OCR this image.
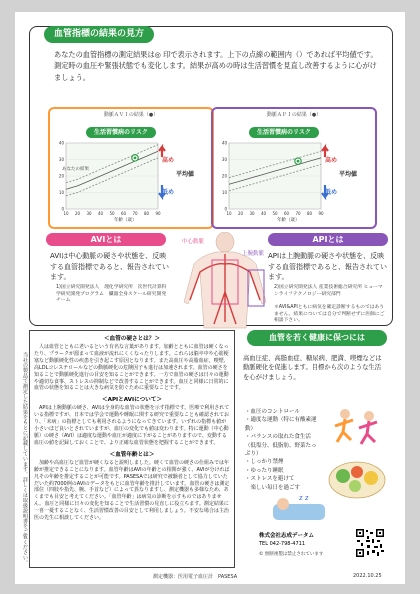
血管指標の結果の見方
あなたの血管指標の測定結果は◎ 印で表示されます。上下の点線の範囲内（）であれば平均値です。測定時の血圧や緊張状態でも変化します。結果が高めの時は生活習慣を見直し改善するように心がけましょう。
動脈ＡＶＩの結果（●）
生活習慣病のリスク
0
10
20
30
40
10 20 30 40 50 60 70 80 90
高め
平均値
低め
あなたの結果
年齢（歳）
動脈ＡＰＩの結果（●）
生活習慣病のリスク
0
10
20
30
40
10 20 30 40 50 60 70 80 90
高め
平均値
低め
年齢（歳）
AVIとは
AVIは中心動脈の硬さや状態を、反映する血管指標であると、報告されています。
1)国立研究開発法人　理化学研究所　次世代計算科学研究開発プログラム　臓器全身スケール研究開発チーム
中心動脈
上腕動脈
APIとは
APIは上腕動脈の硬さや状態を、反映する血管指標であると、報告されています。
2)国立研究開発法人 産業技術総合研究所 ヒューマンライフテクノロジー研究部門
＊AVI&APIともに病気を確定診断するものではありません。結果については自分で判断せずに医師にご相談下さい。
当社の製品で測定した結果をもとに記載しています。詳しくは取扱説明書をご覧ください。
＜血管の硬さとは？＞

人は血管とともに老いるという有名な言葉があります。加齢とともに血管は硬くなったり、プラークが溜まって血液が流れにくくなったりします。これらは脳卒中や心筋梗塞など動脈硬化性の疾患を引き起こす原因となります。また高血圧や高脂血症、喫煙、高LDLコレステロールなどの動脈硬化の危険因子も進行は加速されます。血管の硬さを知ることで動脈硬化進行の目安を知ることができます。一方で血管の硬さは日々の運動や適切な食事、ストレスの抑制などで改善することができます。血圧と同様に日常的に血管の状態を知ることは大きな病気を防ぐために重要なことです。

＜APIとAVIについて＞

APIは上腕動脈の硬さ、AVIは全身的な血管の状態を示す指標です。医療で利用されている指標ですが、日本では学会で運動や睡眠に関する研究で重要なことも確認されており、「未病」の指標としても利用されるようになってきています。いずれの指標も値が小さいほど良いとされていますが、血圧の変化でも値は変わります。特に運動（中心動脈）の硬さ（AVI）は適度な運動や血圧が適度に下がることがありますので、変動する血圧の値を記録しておくことで、より正確な血管状態を把握することができます。

＜血管年齢とは＞

加齢や高血圧など血管が硬くなると説明しました。硬くて血管の硬さの仕組みでは年齢が推定できることになります。血管年齢はAVIの年齢との相関が強く、AVIが分ければ凡その年齢を推定することが可能です。PASESAでは研究で被験者として協力していただいた約7000例のAVIのデータをもとに血管年齢を推計しています。血管の硬さは測定部位（四肢や指先、腕、手首など）によって異なりますし、測定機器も多様なため、あくまでも目安と考えてください。「血管年齢」は病気の診断を示すものではありません。血圧と同様に日々の変化を知ることで生活習慣の見直しに役立ちます。測定結果に一喜一憂することなく、生活習慣改善の目安として利用しましょう。不安な場合は主治医の先生に相談してください。

血管を若く健康に保つには
高血圧症、高脂血症、糖尿病、肥満、喫煙などは動脈硬化を促進します。目標から次のような生活を心がけましょう。
・血圧のコントロール
・適度な運動（特に有酸素運動）
・バランスの取れた食生活
（低塩分、低脂肪、野菜たっぷり）
・しっかり禁煙
・ゆったり睡眠
・ストレスを避けて
　楽しい毎日を過ごす
z z
株式会社志成データム
TEL 042-798-4711
© 無断複製は禁止されています
測定機器：医用電子血圧計　PASESA	2022.10.25
